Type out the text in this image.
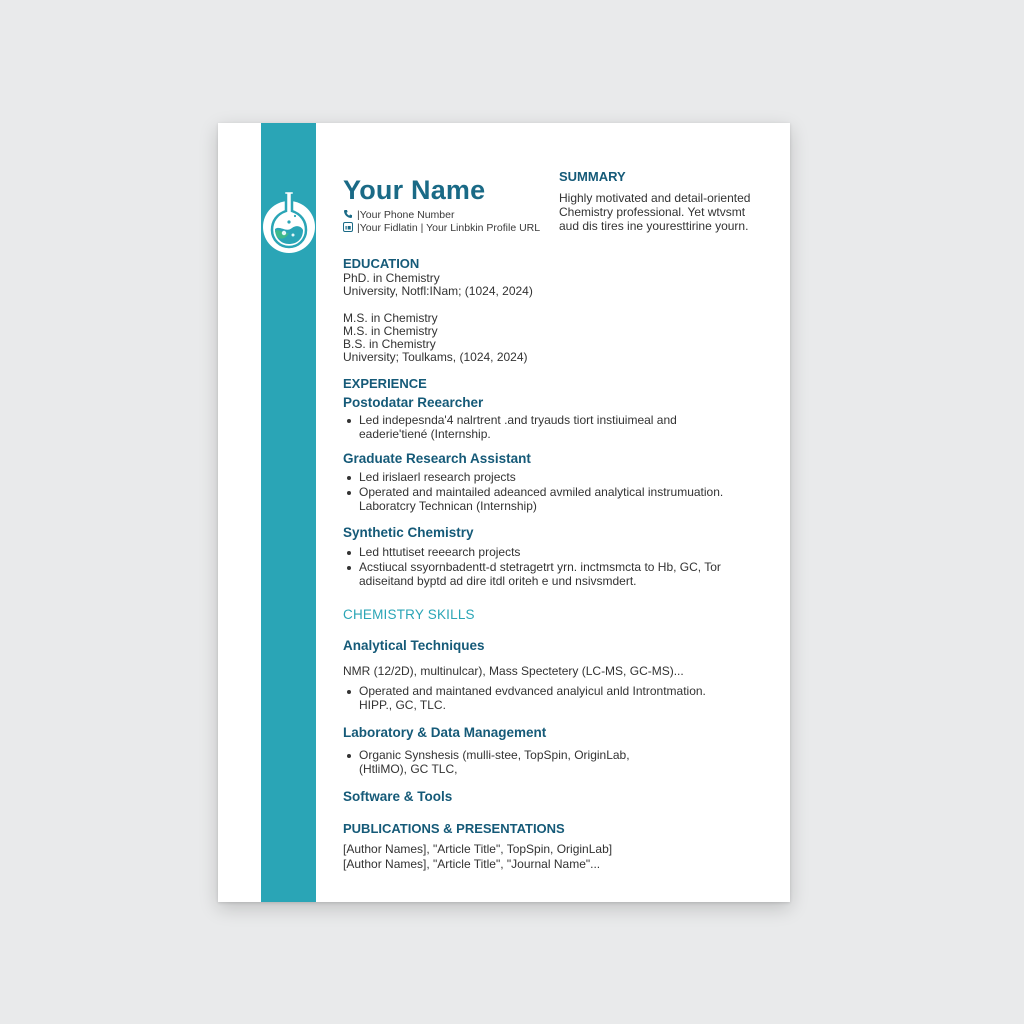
Your Name
|Your Phone Number
|Your Fidlatin | Your Linbkin Profile URL
SUMMARY
Highly motivated and detail-oriented
Chemistry professional. Yet wtvsmt
aud dis tires ine youresttirine yourn.
EDUCATION
PhD. in Chemistry
University, Notfl:INam; (1024, 2024)
M.S. in Chemistry
M.S. in Chemistry
B.S. in Chemistry
University; Toulkams, (1024, 2024)
EXPERIENCE
Postodatar Reearcher
Led indepesnda'4 nalrtrent .and tryauds tiort instiuimeal and
eaderie'tiené (Internship.
Graduate Research Assistant
Led irislaerl research projects
Operated and maintailed adeanced avmiled analytical instrumuation.
Laboratcry Technican (Internship)
Synthetic Chemistry
Led httutiset reeearch projects
Acstiucal ssyornbadentt-d stetragetrt yrn. inctmsmcta to Hb, GC, Tor
adiseitand byptd ad dire itdl oriteh e und nsivsmdert.
CHEMISTRY SKILLS
Analytical Techniques
NMR (12/2D), multinulcar), Mass Spectetery (LC-MS, GC-MS)...
Operated and maintaned evdvanced analyicul anld Introntmation.
HIPP., GC, TLC.
Laboratory & Data Management
Organic Synshesis (mulli-stee, TopSpin, OriginLab,
(HtliMO), GC TLC,
Software & Tools
PUBLICATIONS & PRESENTATIONS
[Author Names], "Article Title", TopSpin, OriginLab]
[Author Names], "Article Title", "Journal Name"...
